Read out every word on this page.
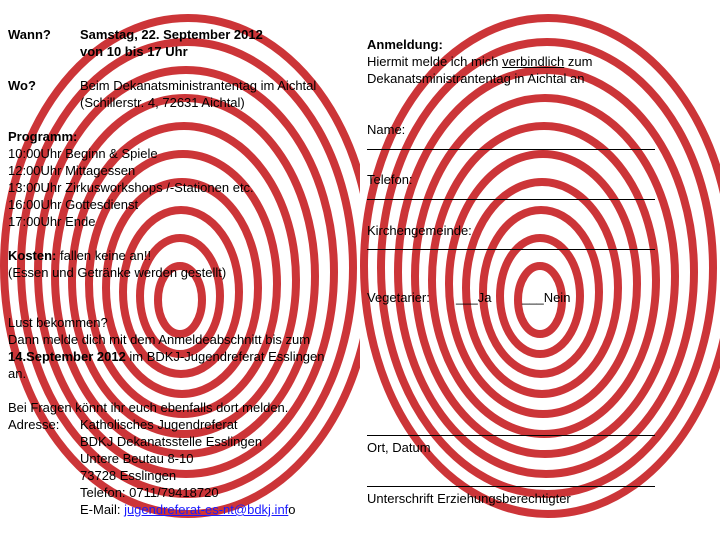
Wann? Samstag, 22. September 2012
von 10 bis 17 Uhr
Wo?	Beim Dekanatsministrantentag im Aichtal
(Schillerstr. 4, 72631 Aichtal)
Programm:
10:00Uhr Beginn & Spiele
12:00Uhr Mittagessen
13:00Uhr Zirkusworkshops /-Stationen etc.
16:00Uhr Gottesdienst
17:00Uhr Ende
Kosten: fallen keine an!!
(Essen und Getränke werden gestellt)
Lust bekommen?
Dann melde dich mit dem Anmeldeabschnitt bis zum
14.September 2012 im BDKJ-Jugendreferat Esslingen
an.
Bei Fragen könnt ihr euch ebenfalls dort melden.
Adresse: Katholisches Jugendreferat
BDKJ Dekanatsstelle Esslingen
Untere Beutau 8-10
73728 Esslingen
Telefon: 0711/79418720
E-Mail: jugendreferat-es-nt@bdkj.info
Anmeldung:
Hiermit melde ich mich verbindlich zum
Dekanatsministrantentag in Aichtal an
Name:
Telefon:
Kirchengemeinde:
Vegetarier: ___Ja ___Nein
Ort, Datum
Unterschrift Erziehungsberechtigter
